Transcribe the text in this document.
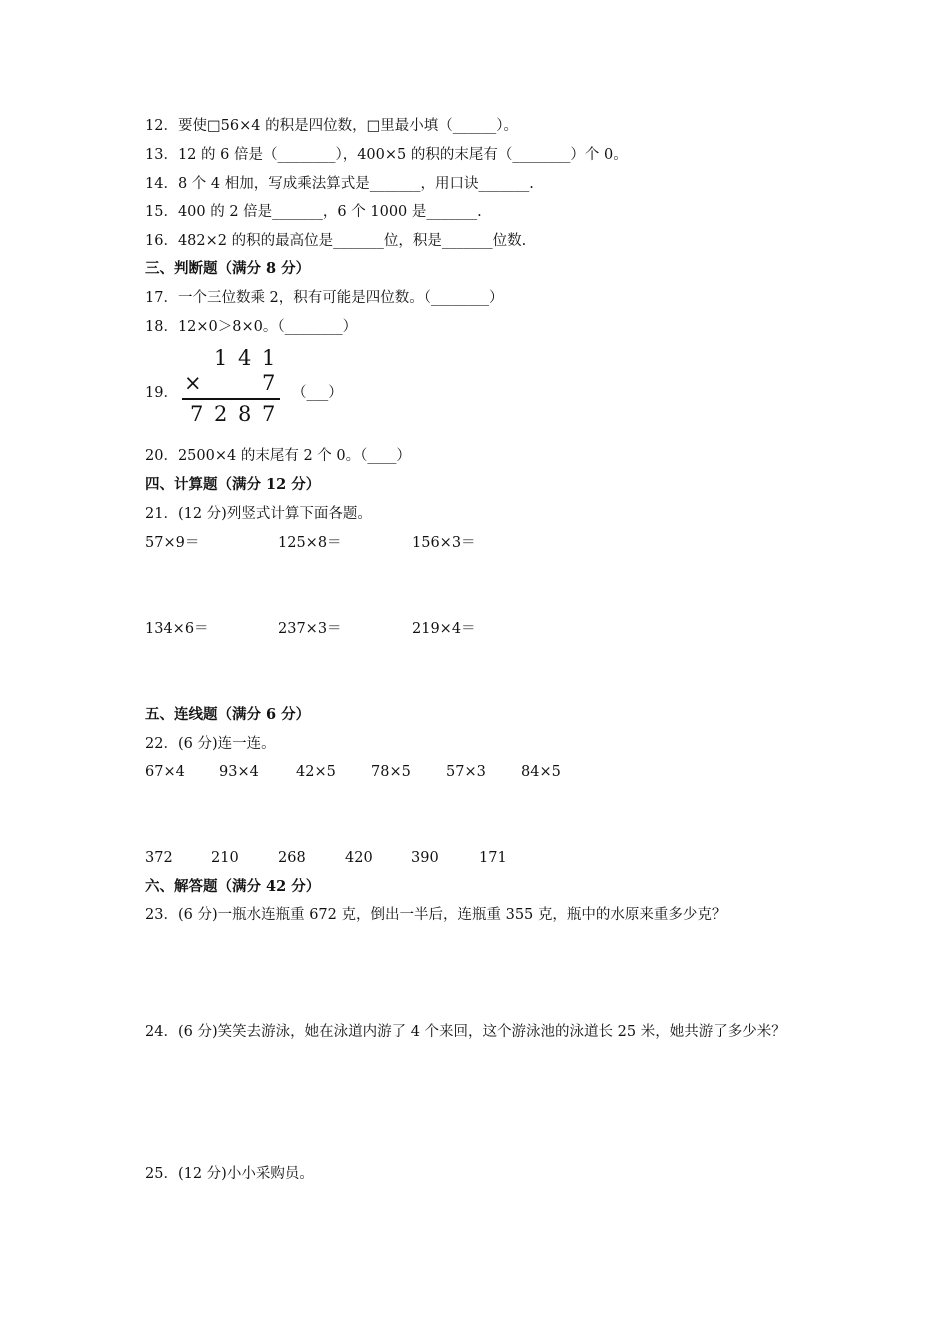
12．要使□56×4 的积是四位数，□里最小填（______）。
13．12 的 6 倍是（________），400×5 的积的末尾有（________）个 0。
14．8 个 4 相加，写成乘法算式是_______，用口诀_______.
15．400 的 2 倍是_______，6 个 1000 是_______.
16．482×2 的积的最高位是_______位，积是_______位数.
三、判断题（满分 8 分）
17．一个三位数乘 2，积有可能是四位数。（________）
18．12×0＞8×0。（________）
19．
1 4 1
×	7
7 2 8 7
（___）
20．2500×4 的末尾有 2 个 0。（____）
四、计算题（满分 12 分）
21．(12 分)列竖式计算下面各题。
57×9＝	125×8＝	156×3＝
134×6＝	237×3＝	219×4＝
五、连线题（满分 6 分）
22．(6 分)连一连。
67×4 93×4	42×5 78×5 57×3 84×5
372	210	268	420	390	171
六、解答题（满分 42 分）
23．(6 分)一瓶水连瓶重 672 克，倒出一半后，连瓶重 355 克，瓶中的水原来重多少克？
24．(6 分)笑笑去游泳，她在泳道内游了 4 个来回，这个游泳池的泳道长 25 米，她共游了多少米？
25．(12 分)小小采购员。
